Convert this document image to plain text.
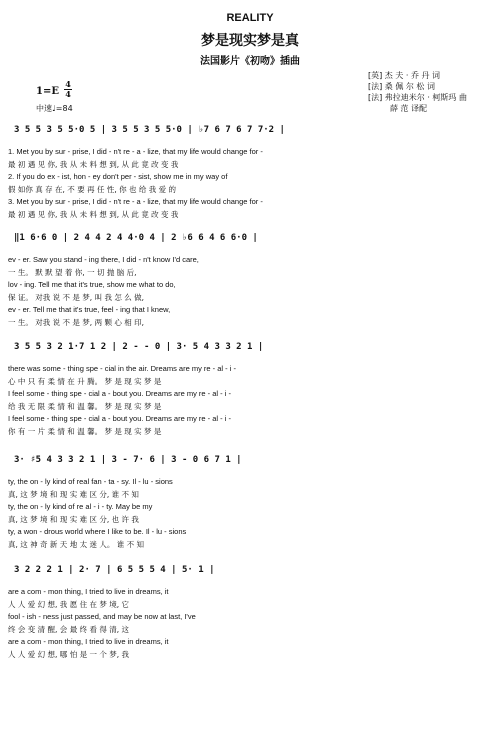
REALITY
梦是现实梦是真
法国影片《初吻》插曲
1=E
4
4
中速♩=84
[英] 杰 夫 · 乔 丹 词
[法] 桑 佩 尔 松 词
[法] 弗拉迪米尔 · 柯斯玛 曲
薛 范 译配
3 5 5 3 5 5·0 5 | 3 5 5 3 5 5·0 | ♭7 6 7 6 7 7·2 |
1. Met you by sur - prise, I did - n't re - a - lize, that my life would change for -
最 初 遇 见 你, 我 从 未 料 想 到, 从 此 竟 改 变 我
2. If you do ex - ist, hon - ey don't per - sist, show me in my way of
假 如你 真 存 在, 不 要 再 任 性, 你 也 给 我 爱 的
3. Met you by sur - prise, I did - n't re - a - lize, that my life would change for -
最 初 遇 见 你, 我 从 未 料 想 到, 从 此 竟 改 变 我
‖1 6·6 0 | 2 4 4 2 4 4·0 4 | 2 ♭6 6 4 6 6·0 |
ev - er. Saw you stand - ing there, I did - n't know I'd care,
一 生。 默 默 望 着 你, 一 切 抛 脑 后,
lov - ing. Tell me that it's true, show me what to do,
保 证。 对我 说 不 是 梦, 叫 我 怎 么 做,
ev - er. Tell me that it's true, feel - ing that I knew,
一 生。 对我 说 不 是 梦, 两 颗 心 相 印,
3 5 5 3 2 1·7 1 2 | 2 - - 0 | 3· 5 4 3 3 2 1 |
there was some - thing spe - cial in the air. Dreams are my re - al - i -
心 中 只 有 柔 情 在 升 腾。 梦 是 现 实 梦 是
I feel some - thing spe - cial a - bout you. Dreams are my re - al - i -
给 我 无 限 柔 情 和 温 馨。 梦 是 现 实 梦 是
I feel some - thing spe - cial a - bout you. Dreams are my re - al - i -
你 有 一 片 柔 情 和 温 馨。 梦 是 现 实 梦 是
3· ♯5 4 3 3 2 1 | 3 - 7· 6 | 3 - 0 6 7 1 |
ty, the on - ly kind of real fan - ta - sy. Il - lu - sions
真, 这 梦 境 和 现 实 难 区 分, 谁 不 知
ty, the on - ly kind of re al - i - ty. May be my
真, 这 梦 境 和 现 实 难 区 分, 也 许 我
ty, a won - drous world where I like to be. Il - lu - sions
真, 这 神 奇 新 天 地 太 迷 人。 谁 不 知
3 2 2 2 1 | 2· 7 | 6 5 5 5 4 | 5· 1 |
are a com - mon thing, I tried to live in dreams, it
人 人 爱 幻 想, 我 愿 住 在 梦 境, 它
fool - ish - ness just passed, and may be now at last, I've
终 会 变 清 醒, 会 最 终 看 得 清, 这
are a com - mon thing, I tried to live in dreams, it
人 人 爱 幻 想, 哪 怕 是 一 个 梦, 我
